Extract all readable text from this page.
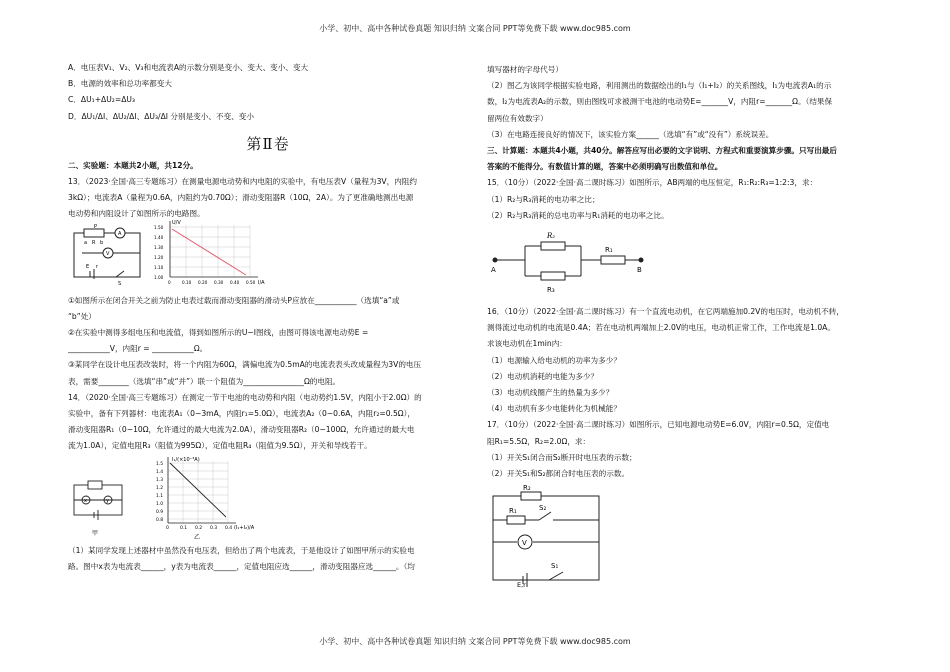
小学、初中、高中各种试卷真题 知识归纳 文案合同 PPT等免费下载 www.doc985.com

A．电压表V₁、V₂、V₃和电流表A的示数分别是变小、变大、变小、变大

B．电源的效率和总功率都变大

C．ΔU₁+ΔU₂=ΔU₃

D．ΔU₁/ΔI、ΔU₂/ΔI、ΔU₃/ΔI 分别是变小、不变、变小

第Ⅱ卷

二、实验题：本题共2小题，共12分。

13．（2023·全国·高三专题练习）在测量电源电动势和内电阻的实验中，有电压表V（量程为3V，内阻约

3kΩ）；电流表A（量程为0.6A，内阻约为0.70Ω）；滑动变阻器R（10Ω，2A）。为了更准确地测出电源

电动势和内阻设计了如图所示的电路图。

P
a R b
A
V
E r
S
U/V
I/A
1.50
1.40
1.30
1.20
1.10
1.00
0	0.10 0.20 0.30 0.40 0.50

①如图所示在闭合开关之前为防止电表过载而滑动变阻器的滑动头P应放在___________（选填“a”或

“b”处）

②在实验中测得多组电压和电流值，得到如图所示的U−I图线，由图可得该电源电动势E =

___________V，内阻r = ___________Ω。

③某同学在设计电压表改装时，将一个内阻为60Ω，满偏电流为0.5mA的电流表表头改成量程为3V的电压

表，需要________（选填“串”或“并”）联一个阻值为________________Ω的电阻。

14．（2020·全国·高三专题练习）在测定一节干电池的电动势和内阻（电动势约1.5V，内阻小于2.0Ω）的

实验中，备有下列器材：电流表A₁（0~3mA，内阻r₁=5.0Ω），电流表A₂（0~0.6A，内阻r₂=0.5Ω），

滑动变阻器R₁（0~10Ω，允许通过的最大电流为2.0A），滑动变阻器R₂（0~100Ω，允许通过的最大电

流为1.0A），定值电阻R₃（阻值为995Ω），定值电阻R₄（阻值为9.5Ω），开关和导线若干。

x	y
甲
I₁/(×10⁻³A)
(I₁+I₂)/A
1.5
1.4
1.3
1.2
1.1
1.0
0.9
0.8
0 0.1 0.2 0.3 0.4
乙

（1）某同学发现上述器材中虽然没有电压表，但给出了两个电流表，于是他设计了如图甲所示的实验电

路。图中x表为电流表______，y表为电流表______，定值电阻应选______，滑动变阻器应选______。（均

填写器材的字母代号）

（2）图乙为该同学根据实验电路，利用测出的数据绘出的I₁与（I₁+I₂）的关系图线，I₁为电流表A₁的示

数，I₂为电流表A₂的示数，则由图线可求被测干电池的电动势E=_______V，内阻r=_______Ω。（结果保

留两位有效数字）

（3）在电路连接良好的情况下，该实验方案______（选填“有”或“没有”）系统误差。

三、计算题：本题共4小题，共40分。解答应写出必要的文字说明、方程式和重要演算步骤。只写出最后

答案的不能得分。有数值计算的题，答案中必须明确写出数值和单位。

15．（10分）（2022·全国·高二课时练习）如图所示，AB两端的电压恒定，R₁:R₂:R₃=1:2:3，求：

（1）R₂与R₃消耗的电功率之比；

（2）R₂与R₃消耗的总电功率与R₁消耗的电功率之比。

R₂
R₁
R₃
A	B

16．（10分）（2022·全国·高二课时练习）有一个直流电动机，在它两端施加0.2V的电压时，电动机不转，

测得流过电动机的电流是0.4A；若在电动机两端加上2.0V的电压，电动机正常工作，工作电流是1.0A。

求该电动机在1min内：

（1）电源输入给电动机的功率为多少？

（2）电动机消耗的电能为多少？

（3）电动机线圈产生的热量为多少？

（4）电动机有多少电能转化为机械能？

17．（10分）（2022·全国·高二课时练习）如图所示，已知电源电动势E=6.0V，内阻r=0.5Ω，定值电

阻R₁=5.5Ω，R₂=2.0Ω，求：

（1）开关S₁闭合而S₂断开时电压表的示数；

（2）开关S₁和S₂都闭合时电压表的示数。

R₂
R₁	S₂
V
S₁
E,r
小学、初中、高中各种试卷真题 知识归纳 文案合同 PPT等免费下载 www.doc985.com
